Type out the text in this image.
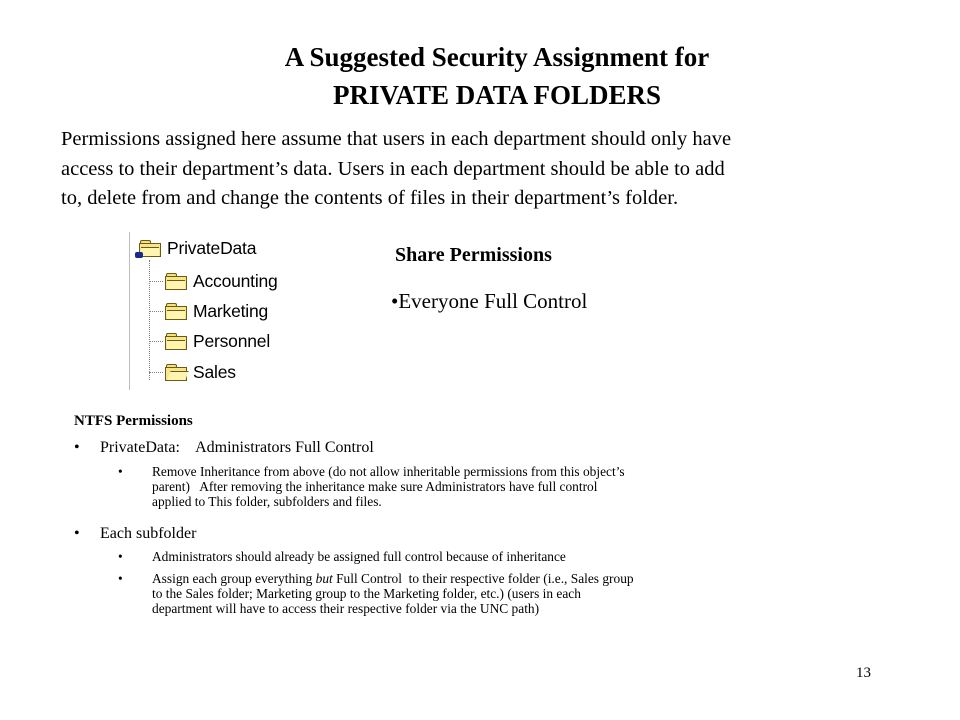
A Suggested Security Assignment for
PRIVATE DATA FOLDERS
Permissions assigned here assume that users in each department should only have
access to their department’s data. Users in each department should be able to add
to, delete from and change the contents of files in their department’s folder.
PrivateData
Accounting
Marketing
Personnel
Sales
Share Permissions
•Everyone Full Control
NTFS Permissions
• PrivateData:    Administrators Full Control
• Remove Inheritance from above (do not allow inheritable permissions from this object’s
parent)   After removing the inheritance make sure Administrators have full control
applied to This folder, subfolders and files.
• Each subfolder
• Administrators should already be assigned full control because of inheritance
• Assign each group everything but Full Control  to their respective folder (i.e., Sales group
to the Sales folder; Marketing group to the Marketing folder, etc.) (users in each
department will have to access their respective folder via the UNC path)
13
